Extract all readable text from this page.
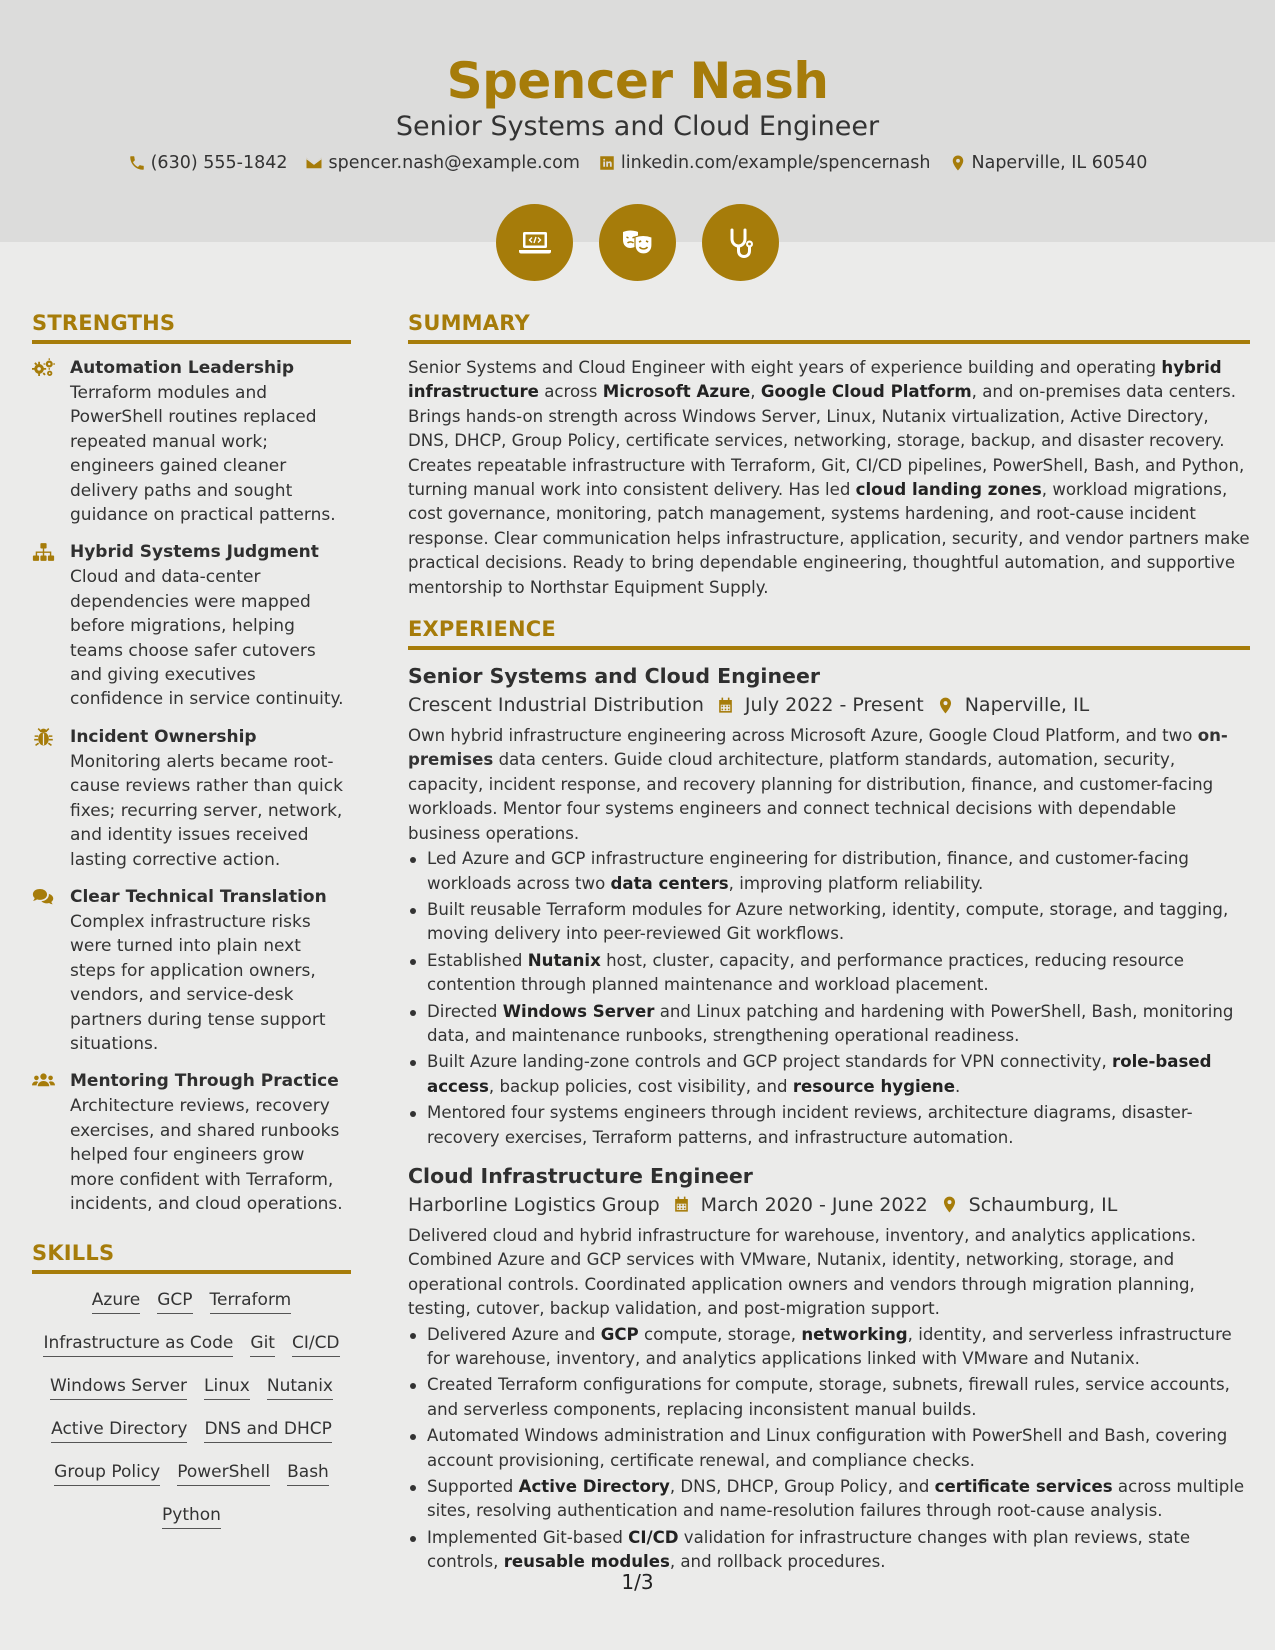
Spencer Nash
Senior Systems and Cloud Engineer
(630) 555-1842 spencer.nash@example.com linkedin.com/example/spencernash Naperville, IL 60540
STRENGTHS
Automation Leadership
Terraform modules and PowerShell routines replaced repeated manual work; engineers gained cleaner delivery paths and sought guidance on practical patterns.
Hybrid Systems Judgment
Cloud and data-center dependencies were mapped before migrations, helping teams choose safer cutovers and giving executives confidence in service continuity.
Incident Ownership
Monitoring alerts became root-cause reviews rather than quick fixes; recurring server, network, and identity issues received lasting corrective action.
Clear Technical Translation
Complex infrastructure risks were turned into plain next steps for application owners, vendors, and service-desk partners during tense support situations.
Mentoring Through Practice
Architecture reviews, recovery exercises, and shared runbooks helped four engineers grow more confident with Terraform, incidents, and cloud operations.
SKILLS
Azure GCP Terraform
Infrastructure as Code Git CI/CD
Windows Server Linux Nutanix
Active Directory DNS and DHCP
Group Policy PowerShell Bash
Python
SUMMARY

Senior Systems and Cloud Engineer with eight years of experience building and operating hybrid infrastructure across Microsoft Azure, Google Cloud Platform, and on-premises data centers. Brings hands-on strength across Windows Server, Linux, Nutanix virtualization, Active Directory, DNS, DHCP, Group Policy, certificate services, networking, storage, backup, and disaster recovery. Creates repeatable infrastructure with Terraform, Git, CI/CD pipelines, PowerShell, Bash, and Python, turning manual work into consistent delivery. Has led cloud landing zones, workload migrations, cost governance, monitoring, patch management, systems hardening, and root-cause incident response. Clear communication helps infrastructure, application, security, and vendor partners make practical decisions. Ready to bring dependable engineering, thoughtful automation, and supportive mentorship to Northstar Equipment Supply.

EXPERIENCE
Senior Systems and Cloud Engineer
Crescent Industrial Distribution July 2022 - Present Naperville, IL

Own hybrid infrastructure engineering across Microsoft Azure, Google Cloud Platform, and two on-premises data centers. Guide cloud architecture, platform standards, automation, security, capacity, incident response, and recovery planning for distribution, finance, and customer-facing workloads. Mentor four systems engineers and connect technical decisions with dependable business operations.

Led Azure and GCP infrastructure engineering for distribution, finance, and customer-facing workloads across two data centers, improving platform reliability.
Built reusable Terraform modules for Azure networking, identity, compute, storage, and tagging, moving delivery into peer-reviewed Git workflows.
Established Nutanix host, cluster, capacity, and performance practices, reducing resource contention through planned maintenance and workload placement.
Directed Windows Server and Linux patching and hardening with PowerShell, Bash, monitoring data, and maintenance runbooks, strengthening operational readiness.
Built Azure landing-zone controls and GCP project standards for VPN connectivity, role-based access, backup policies, cost visibility, and resource hygiene.
Mentored four systems engineers through incident reviews, architecture diagrams, disaster-recovery exercises, Terraform patterns, and infrastructure automation.
Cloud Infrastructure Engineer
Harborline Logistics Group March 2020 - June 2022 Schaumburg, IL

Delivered cloud and hybrid infrastructure for warehouse, inventory, and analytics applications. Combined Azure and GCP services with VMware, Nutanix, identity, networking, storage, and operational controls. Coordinated application owners and vendors through migration planning, testing, cutover, backup validation, and post-migration support.

Delivered Azure and GCP compute, storage, networking, identity, and serverless infrastructure for warehouse, inventory, and analytics applications linked with VMware and Nutanix.
Created Terraform configurations for compute, storage, subnets, firewall rules, service accounts, and serverless components, replacing inconsistent manual builds.
Automated Windows administration and Linux configuration with PowerShell and Bash, covering account provisioning, certificate renewal, and compliance checks.
Supported Active Directory, DNS, DHCP, Group Policy, and certificate services across multiple sites, resolving authentication and name-resolution failures through root-cause analysis.
Implemented Git-based CI/CD validation for infrastructure changes with plan reviews, state controls, reusable modules, and rollback procedures.
1/3
